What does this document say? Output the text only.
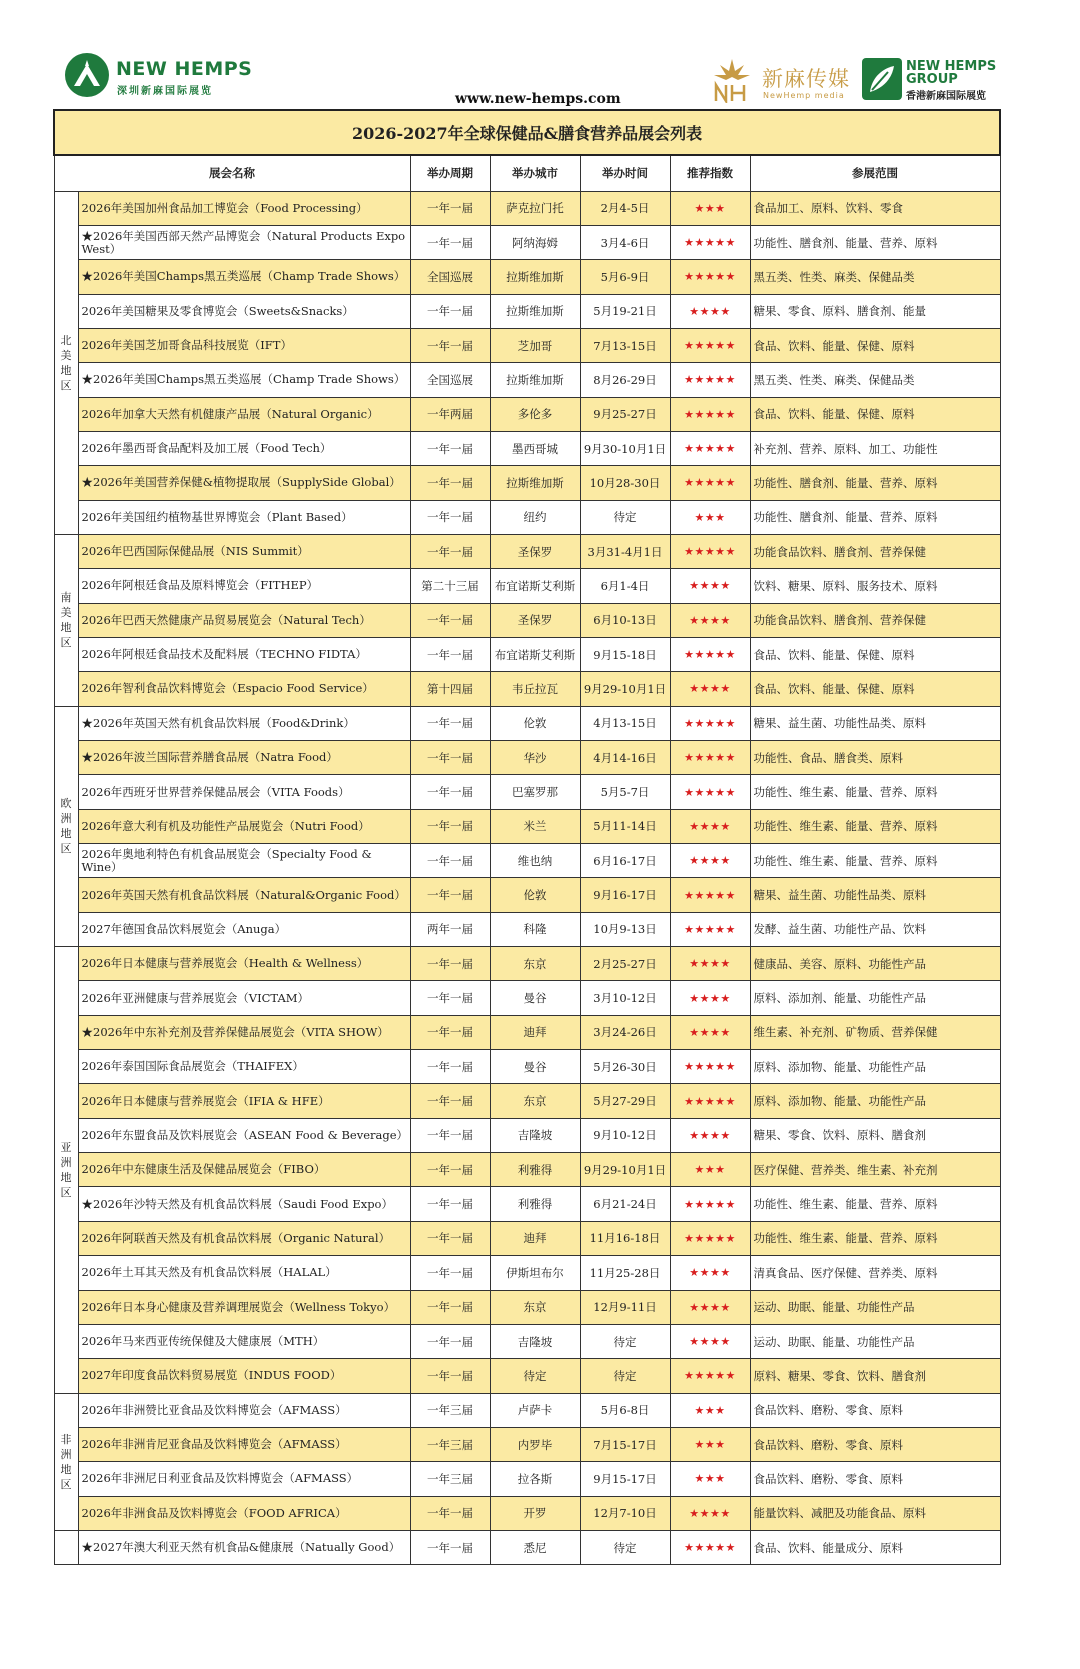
NEW HEMPS
深圳新麻国际展览
新麻传媒
NewHemp media
NEW HEMPS
GROUP
香港新麻国际展览
www.new-hemps.com
2026-2027年全球保健品&膳食营养品展会列表						
展会名称		举办周期	举办城市	举办时间	推荐指数	参展范围
北
美
地
区	2026年美国加州食品加工博览会（Food Processing）	一年一届	萨克拉门托	2月4-5日	★★★	食品加工、原料、饮料、零食
	★2026年美国西部天然产品博览会（Natural Products Expo West）	一年一届	阿纳海姆	3月4-6日	★★★★★	功能性、膳食剂、能量、营养、原料
	★2026年美国Champs黑五类巡展（Champ Trade Shows）	全国巡展	拉斯维加斯	5月6-9日	★★★★★	黑五类、性类、麻类、保健品类
	2026年美国糖果及零食博览会（Sweets&Snacks）	一年一届	拉斯维加斯	5月19-21日	★★★★	糖果、零食、原料、膳食剂、能量
	2026年美国芝加哥食品科技展览（IFT）	一年一届	芝加哥	7月13-15日	★★★★★	食品、饮料、能量、保健、原料
	★2026年美国Champs黑五类巡展（Champ Trade Shows）	全国巡展	拉斯维加斯	8月26-29日	★★★★★	黑五类、性类、麻类、保健品类
	2026年加拿大天然有机健康产品展（Natural Organic）	一年两届	多伦多	9月25-27日	★★★★★	食品、饮料、能量、保健、原料
	2026年墨西哥食品配料及加工展（Food Tech）	一年一届	墨西哥城	9月30-10月1日	★★★★★	补充剂、营养、原料、加工、功能性
	★2026年美国营养保健&植物提取展（SupplySide Global）	一年一届	拉斯维加斯	10月28-30日	★★★★★	功能性、膳食剂、能量、营养、原料
	2026年美国纽约植物基世界博览会（Plant Based）	一年一届	纽约	待定	★★★	功能性、膳食剂、能量、营养、原料
南
美
地
区	2026年巴西国际保健品展（NIS Summit）	一年一届	圣保罗	3月31-4月1日	★★★★★	功能食品饮料、膳食剂、营养保健
	2026年阿根廷食品及原料博览会（FITHEP）	第二十三届	布宜诺斯艾利斯	6月1-4日	★★★★	饮料、糖果、原料、服务技术、原料
	2026年巴西天然健康产品贸易展览会（Natural Tech）	一年一届	圣保罗	6月10-13日	★★★★	功能食品饮料、膳食剂、营养保健
	2026年阿根廷食品技术及配料展（TECHNO FIDTA）	一年一届	布宜诺斯艾利斯	9月15-18日	★★★★★	食品、饮料、能量、保健、原料
	2026年智利食品饮料博览会（Espacio Food Service）	第十四届	韦丘拉瓦	9月29-10月1日	★★★★	食品、饮料、能量、保健、原料
欧
洲
地
区	★2026年英国天然有机食品饮料展（Food&Drink）	一年一届	伦敦	4月13-15日	★★★★★	糖果、益生菌、功能性品类、原料
	★2026年波兰国际营养膳食品展（Natra Food）	一年一届	华沙	4月14-16日	★★★★★	功能性、食品、膳食类、原料
	2026年西班牙世界营养保健品展会（VITA Foods）	一年一届	巴塞罗那	5月5-7日	★★★★★	功能性、维生素、能量、营养、原料
	2026年意大利有机及功能性产品展览会（Nutri Food）	一年一届	米兰	5月11-14日	★★★★	功能性、维生素、能量、营养、原料
	2026年奥地利特色有机食品展览会（Specialty Food & Wine）	一年一届	维也纳	6月16-17日	★★★★	功能性、维生素、能量、营养、原料
	2026年英国天然有机食品饮料展（Natural&Organic Food）	一年一届	伦敦	9月16-17日	★★★★★	糖果、益生菌、功能性品类、原料
	2027年德国食品饮料展览会（Anuga）	两年一届	科隆	10月9-13日	★★★★★	发酵、益生菌、功能性产品、饮料
亚
洲
地
区	2026年日本健康与营养展览会（Health & Wellness）	一年一届	东京	2月25-27日	★★★★	健康品、美容、原料、功能性产品
	2026年亚洲健康与营养展览会（VICTAM）	一年一届	曼谷	3月10-12日	★★★★	原料、添加剂、能量、功能性产品
	★2026年中东补充剂及营养保健品展览会（VITA SHOW）	一年一届	迪拜	3月24-26日	★★★★	维生素、补充剂、矿物质、营养保健
	2026年泰国国际食品展览会（THAIFEX）	一年一届	曼谷	5月26-30日	★★★★★	原料、添加物、能量、功能性产品
	2026年日本健康与营养展览会（IFIA & HFE）	一年一届	东京	5月27-29日	★★★★★	原料、添加物、能量、功能性产品
	2026年东盟食品及饮料展览会（ASEAN Food & Beverage）	一年一届	吉隆坡	9月10-12日	★★★★	糖果、零食、饮料、原料、膳食剂
	2026年中东健康生活及保健品展览会（FIBO）	一年一届	利雅得	9月29-10月1日	★★★	医疗保健、营养类、维生素、补充剂
	★2026年沙特天然及有机食品饮料展（Saudi Food Expo）	一年一届	利雅得	6月21-24日	★★★★★	功能性、维生素、能量、营养、原料
	2026年阿联酋天然及有机食品饮料展（Organic Natural）	一年一届	迪拜	11月16-18日	★★★★★	功能性、维生素、能量、营养、原料
	2026年土耳其天然及有机食品饮料展（HALAL）	一年一届	伊斯坦布尔	11月25-28日	★★★★	清真食品、医疗保健、营养类、原料
	2026年日本身心健康及营养调理展览会（Wellness Tokyo）	一年一届	东京	12月9-11日	★★★★	运动、助眠、能量、功能性产品
	2026年马来西亚传统保健及大健康展（MTH）	一年一届	吉隆坡	待定	★★★★	运动、助眠、能量、功能性产品
	2027年印度食品饮料贸易展览（INDUS FOOD）	一年一届	待定	待定	★★★★★	原料、糖果、零食、饮料、膳食剂
非
洲
地
区	2026年非洲赞比亚食品及饮料博览会（AFMASS）	一年三届	卢萨卡	5月6-8日	★★★	食品饮料、磨粉、零食、原料
	2026年非洲肯尼亚食品及饮料博览会（AFMASS）	一年三届	内罗毕	7月15-17日	★★★	食品饮料、磨粉、零食、原料
	2026年非洲尼日利亚食品及饮料博览会（AFMASS）	一年三届	拉各斯	9月15-17日	★★★	食品饮料、磨粉、零食、原料
	2026年非洲食品及饮料博览会（FOOD AFRICA）	一年一届	开罗	12月7-10日	★★★★	能量饮料、减肥及功能食品、原料
	★2027年澳大利亚天然有机食品&健康展（Natually Good）	一年一届	悉尼	待定	★★★★★	食品、饮料、能量成分、原料
